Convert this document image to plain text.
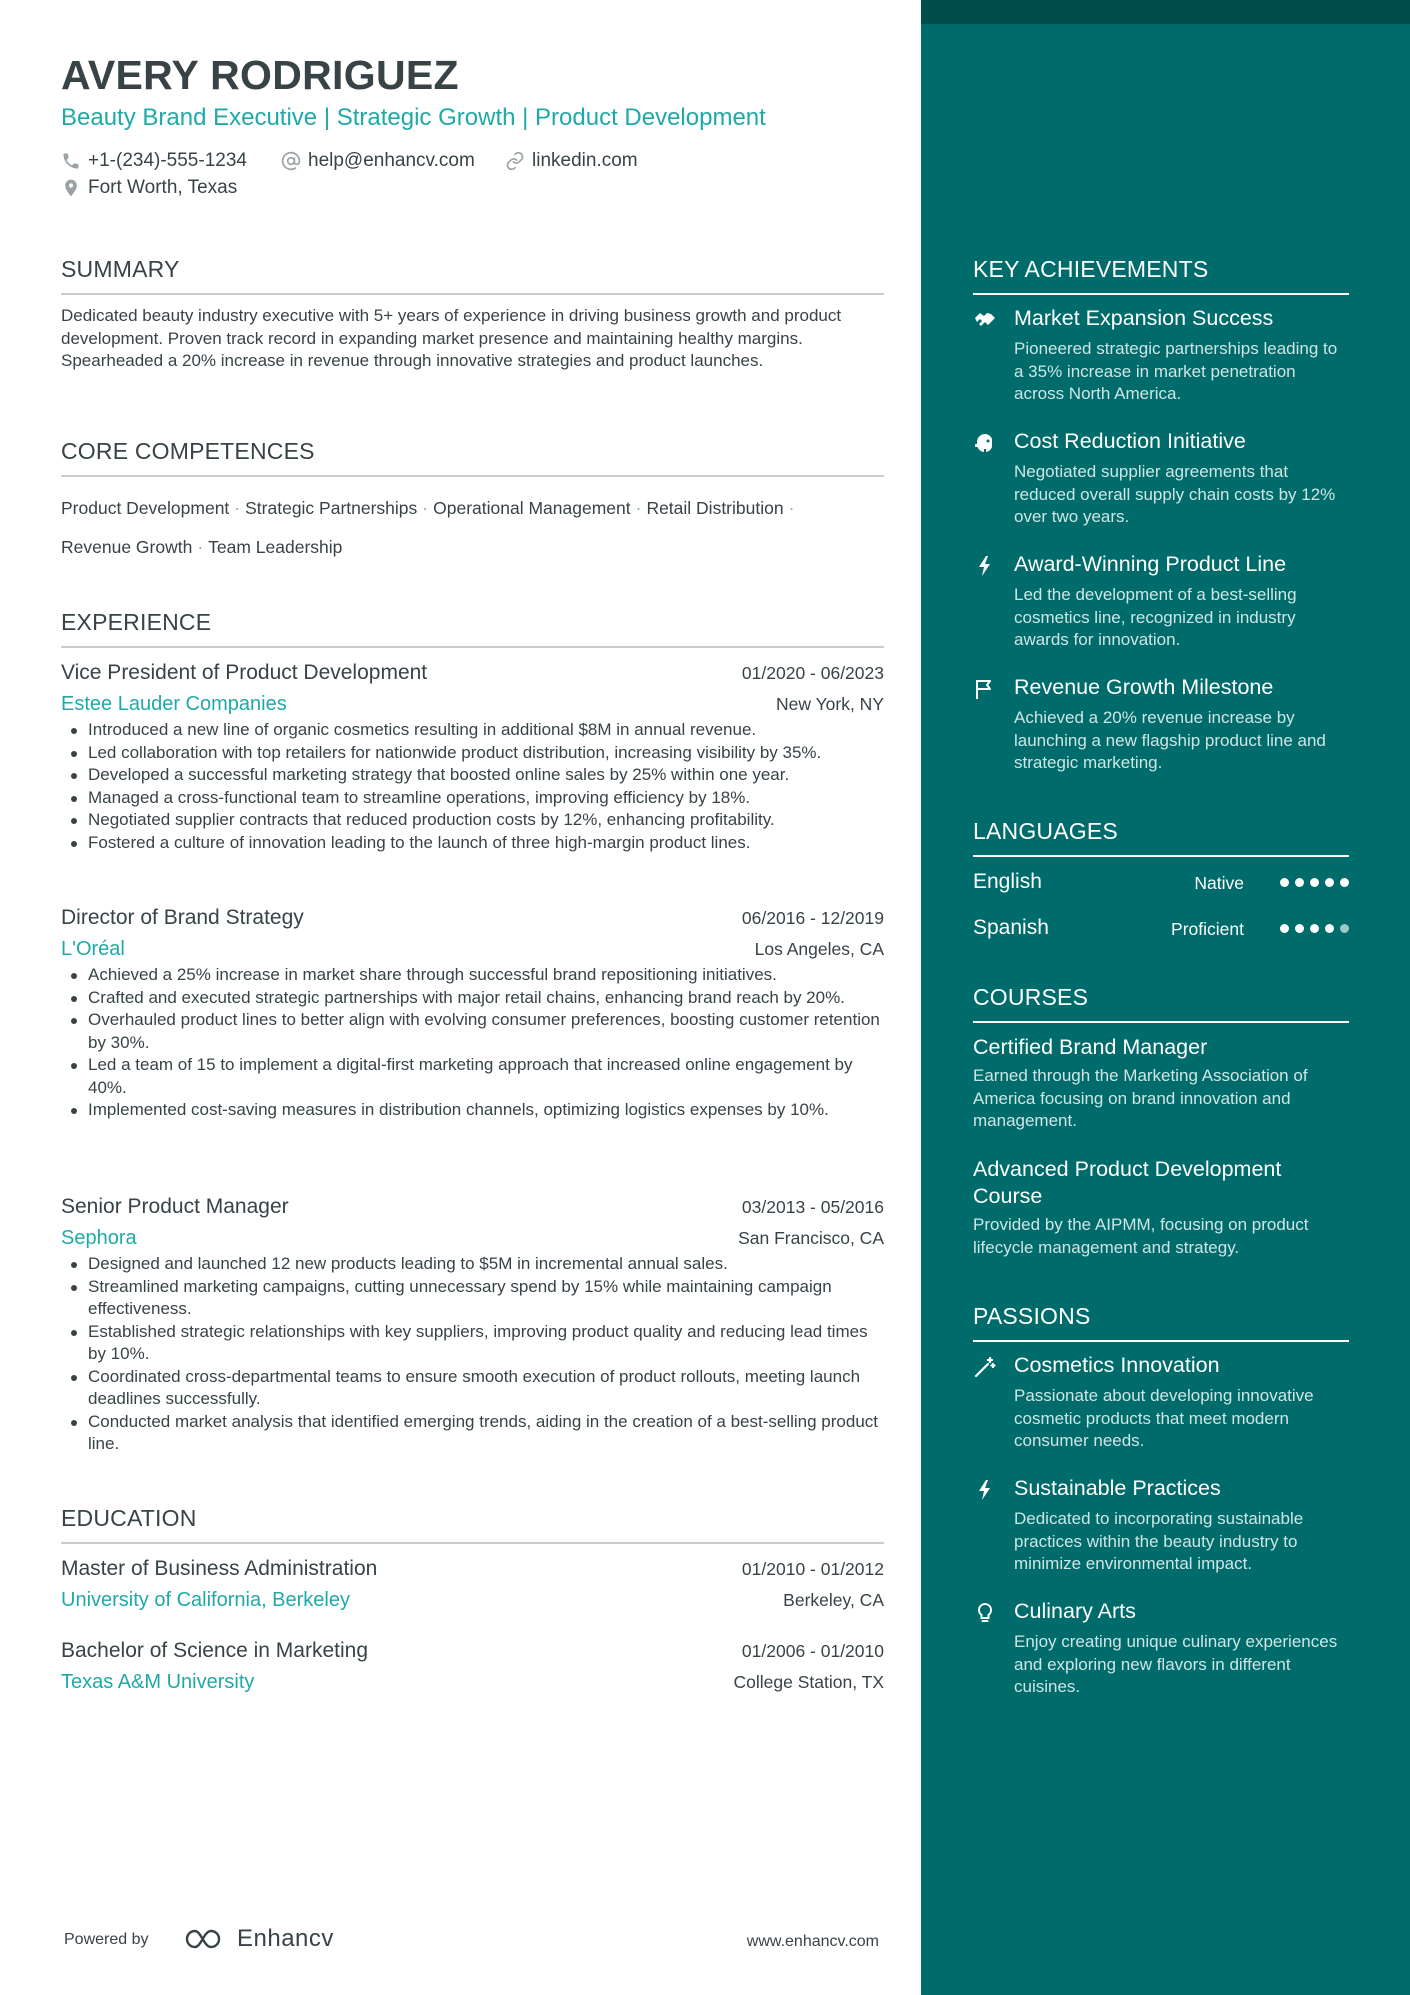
AVERY RODRIGUEZ
Beauty Brand Executive | Strategic Growth | Product Development
+1-(234)-555-1234	help@enhancv.com	linkedin.com
Fort Worth, Texas
SUMMARY
Dedicated beauty industry executive with 5+ years of experience in driving business growth and product development. Proven track record in expanding market presence and maintaining healthy margins. Spearheaded a 20% increase in revenue through innovative strategies and product launches.
CORE COMPETENCES
Product Development · Strategic Partnerships · Operational Management · Retail Distribution ·
Revenue Growth · Team Leadership
EXPERIENCE
Vice President of Product Development	01/2020 - 06/2023
Estee Lauder Companies	New York, NY
Introduced a new line of organic cosmetics resulting in additional $8M in annual revenue.
Led collaboration with top retailers for nationwide product distribution, increasing visibility by 35%.
Developed a successful marketing strategy that boosted online sales by 25% within one year.
Managed a cross-functional team to streamline operations, improving efficiency by 18%.
Negotiated supplier contracts that reduced production costs by 12%, enhancing profitability.
Fostered a culture of innovation leading to the launch of three high-margin product lines.
Director of Brand Strategy	06/2016 - 12/2019
L'Oréal	Los Angeles, CA
Achieved a 25% increase in market share through successful brand repositioning initiatives.
Crafted and executed strategic partnerships with major retail chains, enhancing brand reach by 20%.
Overhauled product lines to better align with evolving consumer preferences, boosting customer retention by 30%.
Led a team of 15 to implement a digital-first marketing approach that increased online engagement by 40%.
Implemented cost-saving measures in distribution channels, optimizing logistics expenses by 10%.
Senior Product Manager	03/2013 - 05/2016
Sephora	San Francisco, CA
Designed and launched 12 new products leading to $5M in incremental annual sales.
Streamlined marketing campaigns, cutting unnecessary spend by 15% while maintaining campaign effectiveness.
Established strategic relationships with key suppliers, improving product quality and reducing lead times by 10%.
Coordinated cross-departmental teams to ensure smooth execution of product rollouts, meeting launch deadlines successfully.
Conducted market analysis that identified emerging trends, aiding in the creation of a best-selling product line.
EDUCATION
Master of Business Administration	01/2010 - 01/2012
University of California, Berkeley	Berkeley, CA
Bachelor of Science in Marketing	01/2006 - 01/2010
Texas A&M University	College Station, TX
KEY ACHIEVEMENTS
Market Expansion Success
Pioneered strategic partnerships leading to a 35% increase in market penetration across North America.
Cost Reduction Initiative
Negotiated supplier agreements that reduced overall supply chain costs by 12% over two years.
Award-Winning Product Line
Led the development of a best-selling cosmetics line, recognized in industry awards for innovation.
Revenue Growth Milestone
Achieved a 20% revenue increase by launching a new flagship product line and strategic marketing.
LANGUAGES
English	Native
Spanish	Proficient
COURSES
Certified Brand Manager
Earned through the Marketing Association of America focusing on brand innovation and management.
Advanced Product Development Course
Provided by the AIPMM, focusing on product lifecycle management and strategy.
PASSIONS
Cosmetics Innovation
Passionate about developing innovative cosmetic products that meet modern consumer needs.
Sustainable Practices
Dedicated to incorporating sustainable practices within the beauty industry to minimize environmental impact.
Culinary Arts
Enjoy creating unique culinary experiences and exploring new flavors in different cuisines.
Powered by	Enhancv	www.enhancv.com
